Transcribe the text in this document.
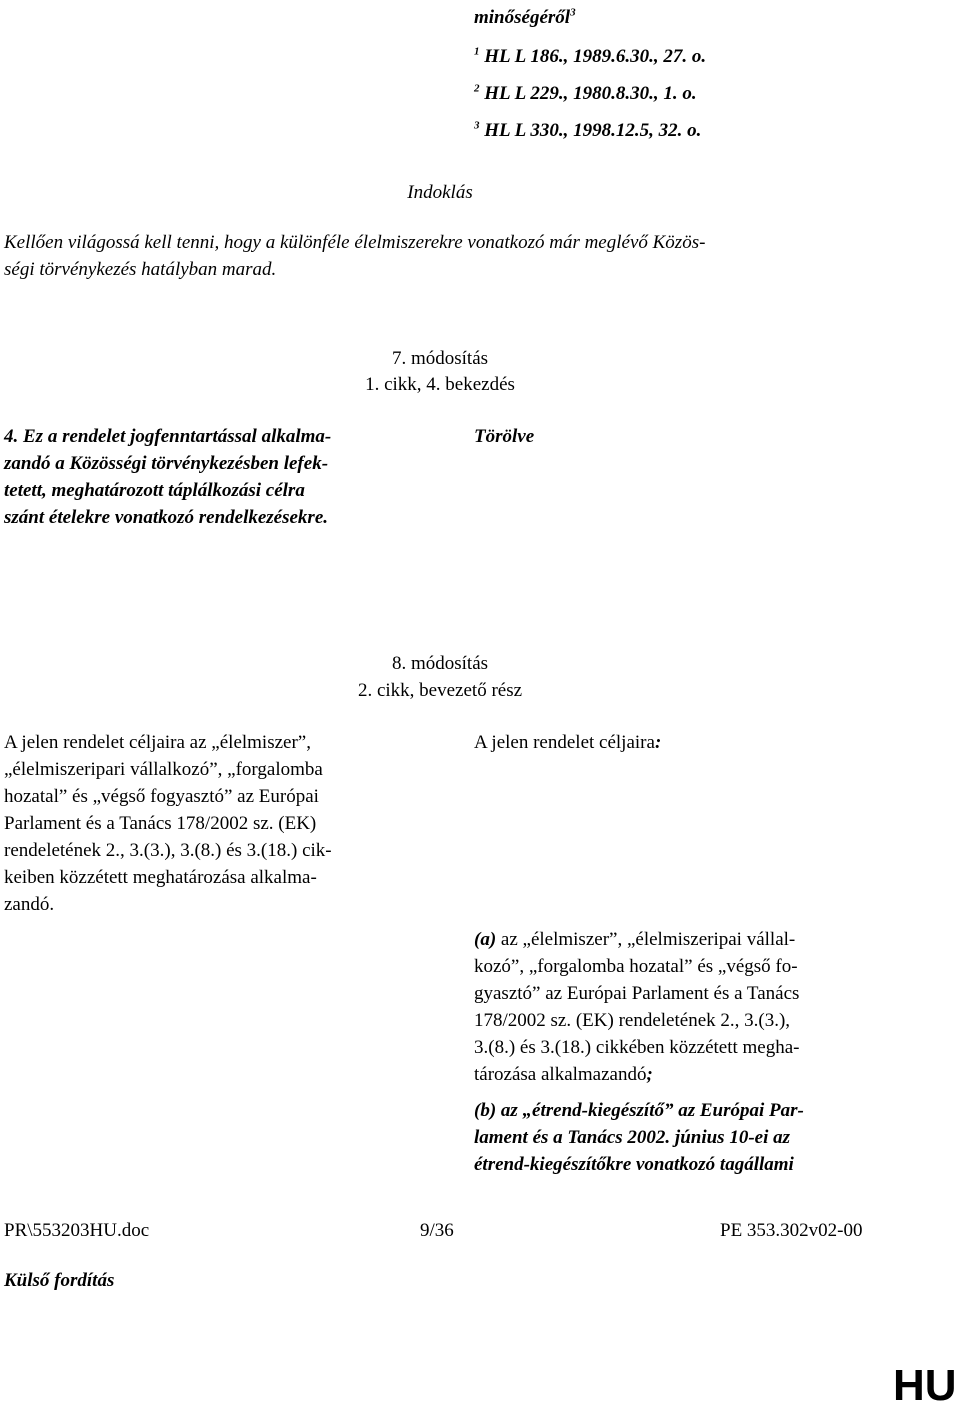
minőségéről$^3$
$^1$ HL L 186., 1989.6.30., 27. o.
$^2$ HL L 229., 1980.8.30., 1. o.
$^3$ HL L 330., 1998.12.5, 32. o.
Indoklás
Kellően világossá kell tenni, hogy a különféle élelmiszerekre vonatkozó már meglévő Közös-
ségi törvénykezés hatályban marad.
7. módosítás
1. cikk, 4. bekezdés
4. Ez a rendelet jogfenntartással alkalma-
zandó a Közösségi törvénykezésben lefek-
tetett, meghatározott táplálkozási célra
szánt ételekre vonatkozó rendelkezésekre.
Törölve
8. módosítás
2. cikk, bevezető rész
A jelen rendelet céljaira az „élelmiszer”,
„élelmiszeripari vállalkozó”, „forgalomba
hozatal” és „végső fogyasztó” az Európai
Parlament és a Tanács 178/2002 sz. (EK)
rendeletének 2., 3.(3.), 3.(8.) és 3.(18.) cik-
keiben közzétett meghatározása alkalma-
zandó.
A jelen rendelet céljaira:
(a) az „élelmiszer”, „élelmiszeripai vállal-
kozó”, „forgalomba hozatal” és „végső fo-
gyasztó” az Európai Parlament és a Tanács
178/2002 sz. (EK) rendeletének 2., 3.(3.),
3.(8.) és 3.(18.) cikkében közzétett megha-
tározása alkalmazandó;
(b) az „étrend-kiegészítő” az Európai Par-
lament és a Tanács 2002. június 10-ei az
étrend-kiegészítőkre vonatkozó tagállami
PR\553203HU.doc	9/36	PE 353.302v02-00
Külső fordítás
HU
